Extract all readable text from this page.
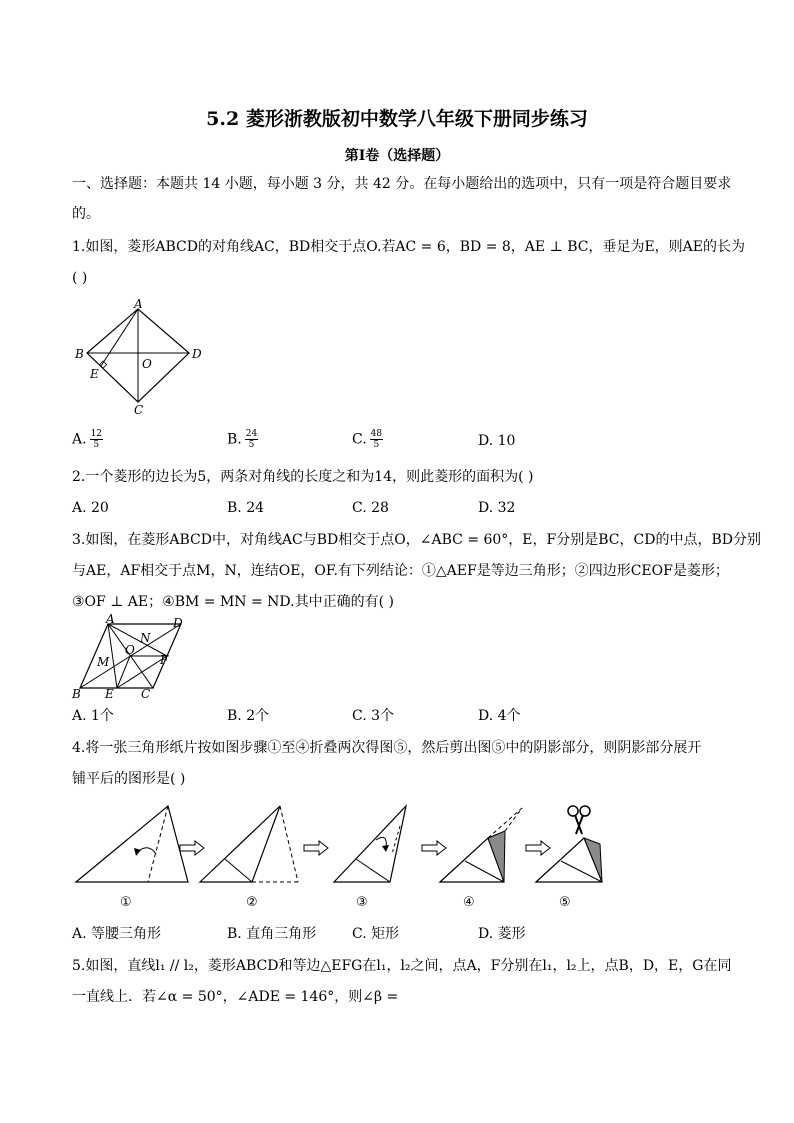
5.2 菱形浙教版初中数学八年级下册同步练习
第Ⅰ卷（选择题）
一、选择题：本题共 14 小题，每小题 3 分，共 42 分。在每小题给出的选项中，只有一项是符合题目要求
的。
1.如图，菱形ABCD的对角线AC，BD相交于点O.若AC = 6，BD = 8，AE ⊥ BC，垂足为E，则AE的长为
( )
A
B
C
D
O
E
A. $\frac{12}{5}$	B. $\frac{24}{5}$	C. $\frac{48}{5}$	D. 10
2.一个菱形的边长为5，两条对角线的长度之和为14，则此菱形的面积为( )
A. 20	B. 24	C. 28	D. 32
3.如图，在菱形ABCD中，对角线AC与BD相交于点O，∠ABC = 60°，E，F分别是BC，CD的中点，BD分别
与AE，AF相交于点M，N，连结OE，OF.有下列结论：①△AEF是等边三角形；②四边形CEOF是菱形；
③OF ⊥ AE；④BM = MN = ND.其中正确的有( )
A	D
B E C
F
O
M
N
A. 1个	B. 2个	C. 3个	D. 4个
4.将一张三角形纸片按如图步骤①至④折叠两次得图⑤，然后剪出图⑤中的阴影部分，则阴影部分展开
铺平后的图形是( )
①	②	③	④	⑤
A. 等腰三角形	B. 直角三角形	C. 矩形	D. 菱形
5.如图，直线l₁ // l₂，菱形ABCD和等边△EFG在l₁，l₂之间，点A，F分别在l₁，l₂上，点B，D，E，G在同
一直线上．若∠α = 50°，∠ADE = 146°，则∠β =
